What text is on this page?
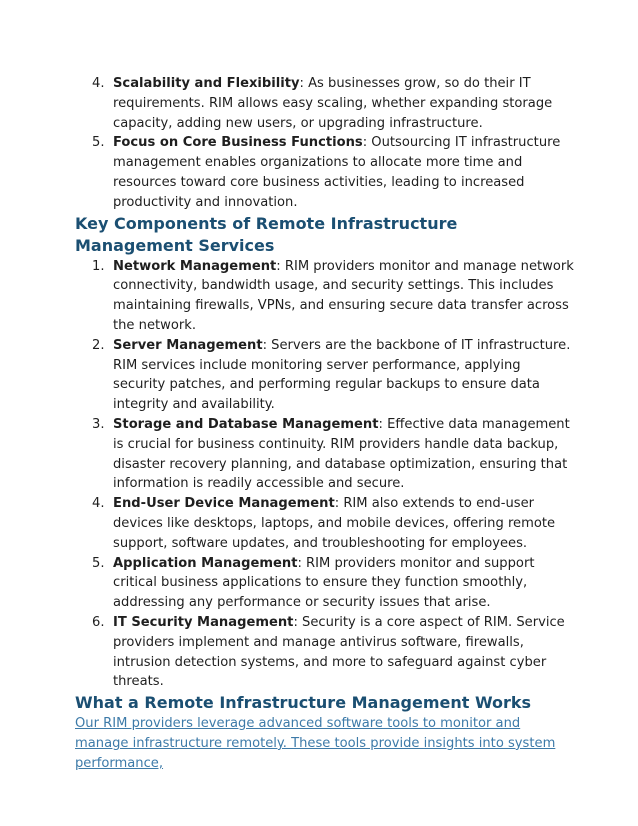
4. Scalability and Flexibility: As businesses grow, so do their IT requirements. RIM allows easy scaling, whether expanding storage capacity, adding new users, or upgrading infrastructure.
5. Focus on Core Business Functions: Outsourcing IT infrastructure management enables organizations to allocate more time and resources toward core business activities, leading to increased productivity and innovation.
Key Components of Remote Infrastructure Management Services
1. Network Management: RIM providers monitor and manage network connectivity, bandwidth usage, and security settings. This includes maintaining firewalls, VPNs, and ensuring secure data transfer across the network.
2. Server Management: Servers are the backbone of IT infrastructure. RIM services include monitoring server performance, applying security patches, and performing regular backups to ensure data integrity and availability.
3. Storage and Database Management: Effective data management is crucial for business continuity. RIM providers handle data backup, disaster recovery planning, and database optimization, ensuring that information is readily accessible and secure.
4. End-User Device Management: RIM also extends to end-user devices like desktops, laptops, and mobile devices, offering remote support, software updates, and troubleshooting for employees.
5. Application Management: RIM providers monitor and support critical business applications to ensure they function smoothly, addressing any performance or security issues that arise.
6. IT Security Management: Security is a core aspect of RIM. Service providers implement and manage antivirus software, firewalls, intrusion detection systems, and more to safeguard against cyber threats.
What a Remote Infrastructure Management Works

Our RIM providers leverage advanced software tools to monitor and manage infrastructure remotely. These tools provide insights into system performance,
